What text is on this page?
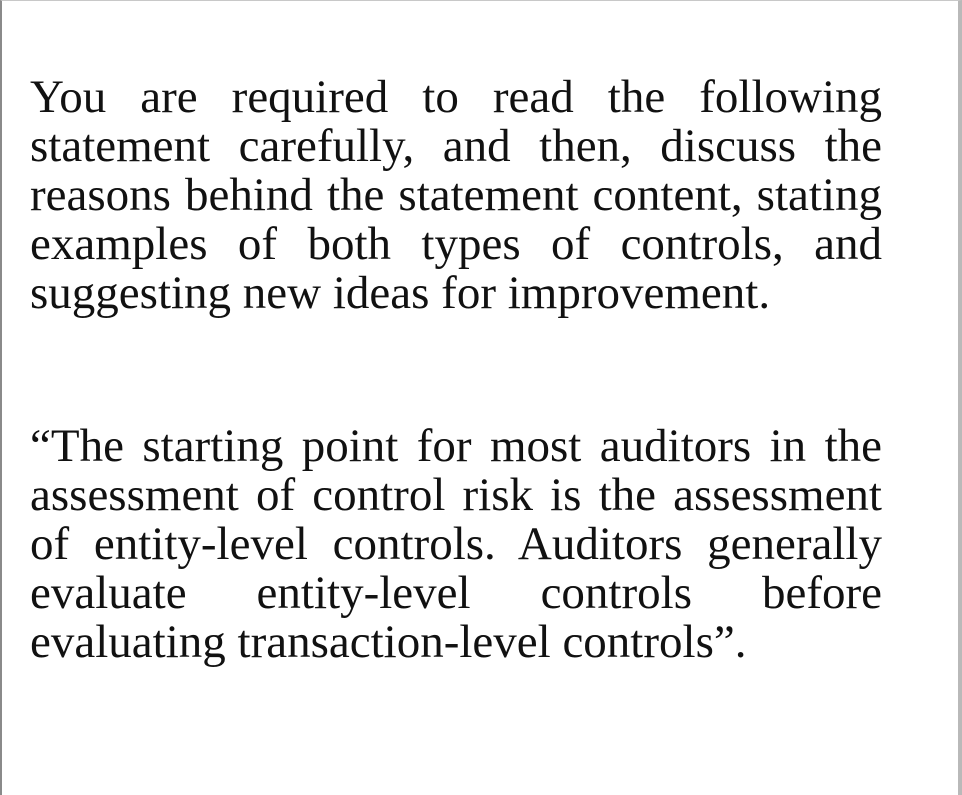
You are required to read the following statement carefully, and then, discuss the reasons behind the statement content, stating examples of both types of controls, and suggesting new ideas for improvement.

“The starting point for most auditors in the assessment of control risk is the assessment of entity-level controls. Auditors generally evaluate entity-level controls before evaluating transaction-level controls”.
